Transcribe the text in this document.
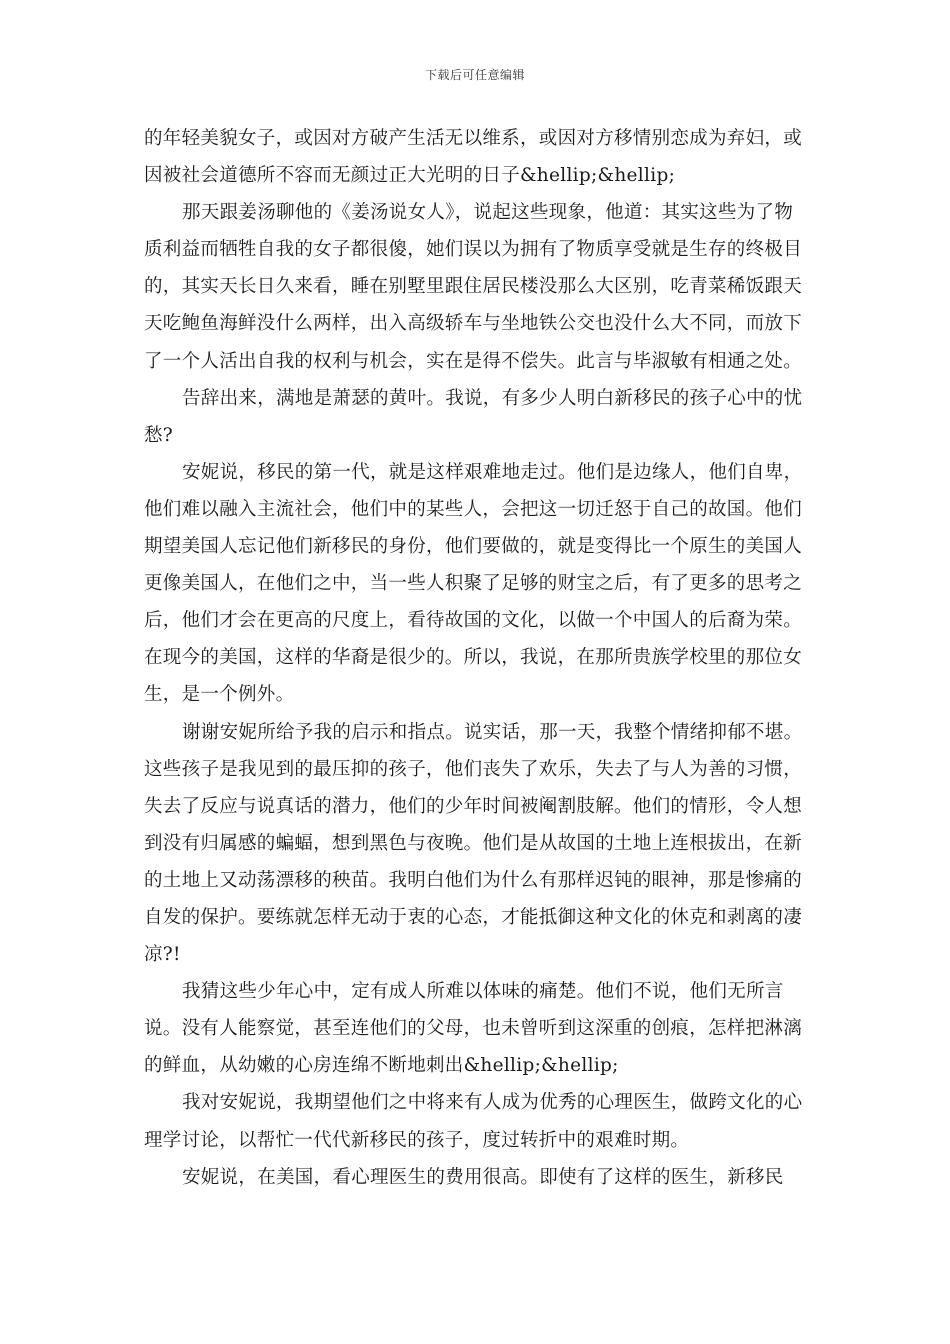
下载后可任意编辑

的年轻美貌女子，或因对方破产生活无以维系，或因对方移情别恋成为弃妇，或因被社会道德所不容而无颜过正大光明的日子&hellip;&hellip;

那天跟姜汤聊他的《姜汤说女人》，说起这些现象，他道：其实这些为了物质利益而牺牲自我的女子都很傻，她们误以为拥有了物质享受就是生存的终极目的，其实天长日久来看，睡在别墅里跟住居民楼没那么大区别，吃青菜稀饭跟天天吃鲍鱼海鲜没什么两样，出入高级轿车与坐地铁公交也没什么大不同，而放下了一个人活出自我的权利与机会，实在是得不偿失。此言与毕淑敏有相通之处。

告辞出来，满地是萧瑟的黄叶。我说，有多少人明白新移民的孩子心中的忧愁?

安妮说，移民的第一代，就是这样艰难地走过。他们是边缘人，他们自卑，他们难以融入主流社会，他们中的某些人，会把这一切迁怒于自己的故国。他们期望美国人忘记他们新移民的身份，他们要做的，就是变得比一个原生的美国人更像美国人，在他们之中，当一些人积聚了足够的财宝之后，有了更多的思考之后，他们才会在更高的尺度上，看待故国的文化，以做一个中国人的后裔为荣。在现今的美国，这样的华裔是很少的。所以，我说，在那所贵族学校里的那位女生，是一个例外。

谢谢安妮所给予我的启示和指点。说实话，那一天，我整个情绪抑郁不堪。这些孩子是我见到的最压抑的孩子，他们丧失了欢乐，失去了与人为善的习惯，失去了反应与说真话的潜力，他们的少年时间被阉割肢解。他们的情形，令人想到没有归属感的蝙蝠，想到黑色与夜晚。他们是从故国的土地上连根拔出，在新的土地上又动荡漂移的秧苗。我明白他们为什么有那样迟钝的眼神，那是惨痛的自发的保护。要练就怎样无动于衷的心态，才能抵御这种文化的休克和剥离的凄凉?!

我猜这些少年心中，定有成人所难以体味的痛楚。他们不说，他们无所言说。没有人能察觉，甚至连他们的父母，也未曾听到这深重的创痕，怎样把淋漓的鲜血，从幼嫩的心房连绵不断地刺出&hellip;&hellip;

我对安妮说，我期望他们之中将来有人成为优秀的心理医生，做跨文化的心理学讨论，以帮忙一代代新移民的孩子，度过转折中的艰难时期。

安妮说，在美国，看心理医生的费用很高。即使有了这样的医生，新移民
